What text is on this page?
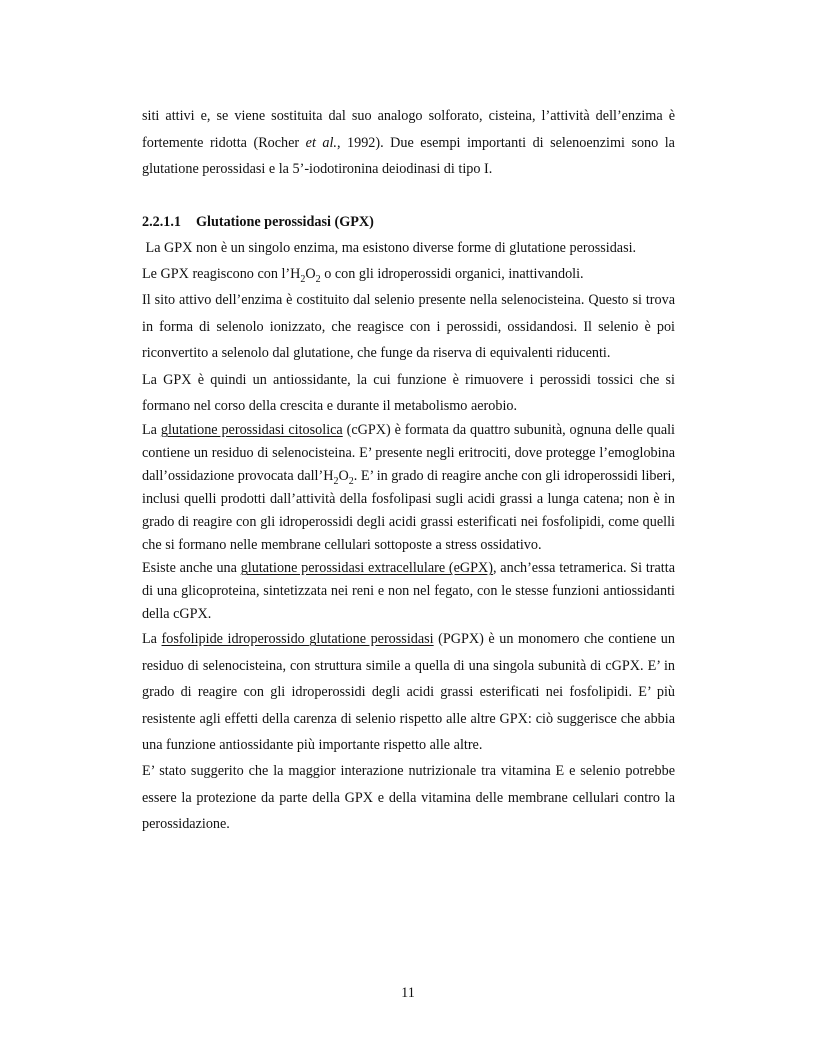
siti attivi e, se viene sostituita dal suo analogo solforato, cisteina, l’attività dell’enzima è fortemente ridotta (Rocher et al., 1992). Due esempi importanti di selenoenzimi sono la glutatione perossidasi e la 5’-iodotironina deiodinasi di tipo I.

2.2.1.1 Glutatione perossidasi (GPX)

La GPX non è un singolo enzima, ma esistono diverse forme di glutatione perossidasi.

Le GPX reagiscono con $l’H_2O_2$ o con gli idroperossidi organici, inattivandoli.

Il sito attivo dell’enzima è costituito dal selenio presente nella selenocisteina. Questo si trova in forma di selenolo ionizzato, che reagisce con i perossidi, ossidandosi. Il selenio è poi riconvertito a selenolo dal glutatione, che funge da riserva di equivalenti riducenti.

La GPX è quindi un antiossidante, la cui funzione è rimuovere i perossidi tossici che si formano nel corso della crescita e durante il metabolismo aerobio.

La glutatione perossidasi citosolica (cGPX) è formata da quattro subunità, ognuna delle quali contiene un residuo di selenocisteina. E’ presente negli eritrociti, dove protegge l’emoglobina dall’ossidazione provocata $dall’H_2O_2$. E’ in grado di reagire anche con gli idroperossidi liberi, inclusi quelli prodotti dall’attività della fosfolipasi sugli acidi grassi a lunga catena; non è in grado di reagire con gli idroperossidi degli acidi grassi esterificati nei fosfolipidi, come quelli che si formano nelle membrane cellulari sottoposte a stress ossidativo.

Esiste anche una glutatione perossidasi extracellulare (eGPX), anch’essa tetramerica. Si tratta di una glicoproteina, sintetizzata nei reni e non nel fegato, con le stesse funzioni antiossidanti della cGPX.

La fosfolipide idroperossido glutatione perossidasi (PGPX) è un monomero che contiene un residuo di selenocisteina, con struttura simile a quella di una singola subunità di cGPX. E’ in grado di reagire con gli idroperossidi degli acidi grassi esterificati nei fosfolipidi. E’ più resistente agli effetti della carenza di selenio rispetto alle altre GPX: ciò suggerisce che abbia una funzione antiossidante più importante rispetto alle altre.

E’ stato suggerito che la maggior interazione nutrizionale tra vitamina E e selenio potrebbe essere la protezione da parte della GPX e della vitamina delle membrane cellulari contro la perossidazione.

11
